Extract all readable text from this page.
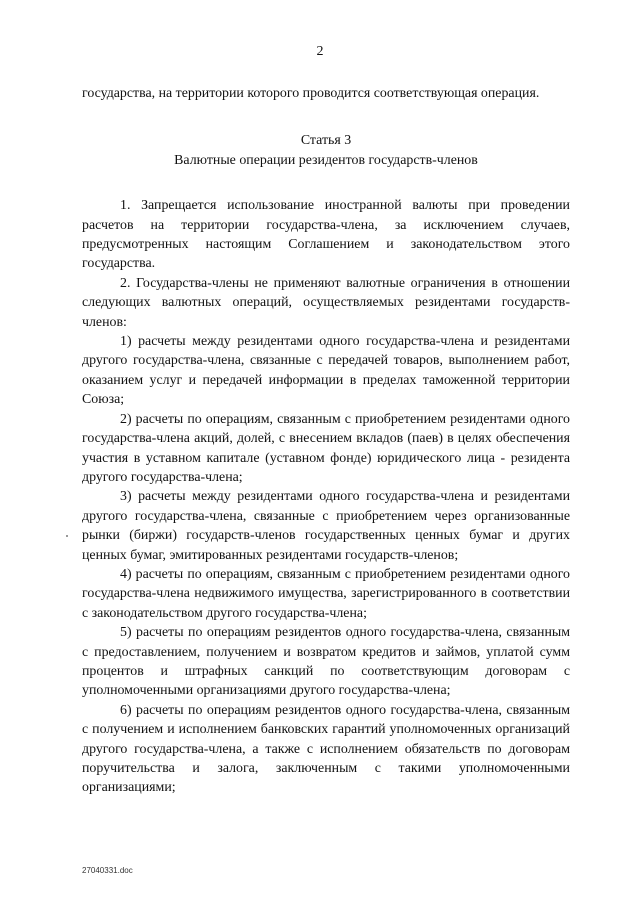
2

государства, на территории которого проводится соответствующая операция.

Статья 3
Валютные операции резидентов государств-членов

1. Запрещается использование иностранной валюты при проведении расчетов на территории государства-члена, за исключением случаев, предусмотренных настоящим Соглашением и законодательством этого государства.

2. Государства-члены не применяют валютные ограничения в отношении следующих валютных операций, осуществляемых резидентами государств-членов:

1) расчеты между резидентами одного государства-члена и резидентами другого государства-члена, связанные с передачей товаров, выполнением работ, оказанием услуг и передачей информации в пределах таможенной территории Союза;

2) расчеты по операциям, связанным с приобретением резидентами одного государства-члена акций, долей, с внесением вкладов (паев) в целях обеспечения участия в уставном капитале (уставном фонде) юридического лица - резидента другого государства-члена;

3) расчеты между резидентами одного государства-члена и резидентами другого государства-члена, связанные с приобретением через организованные рынки (биржи) государств-членов государственных ценных бумаг и других ценных бумаг, эмитированных резидентами государств-членов;

4) расчеты по операциям, связанным с приобретением резидентами одного государства-члена недвижимого имущества, зарегистрированного в соответствии с законодательством другого государства-члена;

5) расчеты по операциям резидентов одного государства-члена, связанным с предоставлением, получением и возвратом кредитов и займов, уплатой сумм процентов и штрафных санкций по соответствующим договорам с уполномоченными организациями другого государства-члена;

6) расчеты по операциям резидентов одного государства-члена, связанным с получением и исполнением банковских гарантий уполномоченных организаций другого государства-члена, а также с исполнением обязательств по договорам поручительства и залога, заключенным с такими уполномоченными организациями;

27040331.doc
